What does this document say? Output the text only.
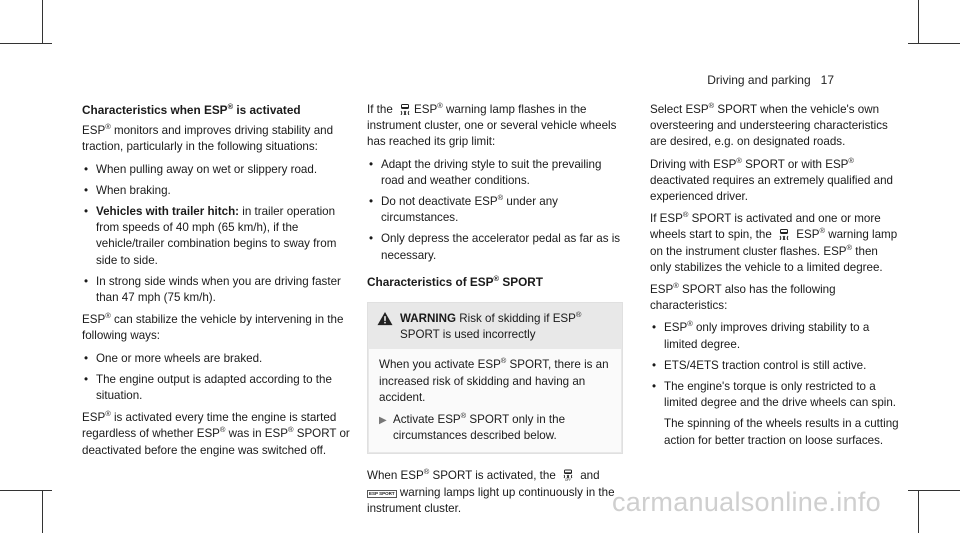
Driving and parking 17
Characteristics when ESP® is activated

ESP® monitors and improves driving stability and traction, particularly in the following situations:

• When pulling away on wet or slippery road.
• When braking.
• Vehicles with trailer hitch: in trailer operation from speeds of 40 mph (65 km/h), if the vehicle/trailer combination begins to sway from side to side.
• In strong side winds when you are driving faster than 47 mph (75 km/h).

ESP® can stabilize the vehicle by intervening in the following ways:

• One or more wheels are braked.
• The engine output is adapted according to the situation.

ESP® is activated every time the engine is started regardless of whether ESP® was in ESP® SPORT or deactivated before the engine was switched off.

If the ESP® warning lamp flashes in the instrument cluster, one or several vehicle wheels has reached its grip limit:

• Adapt the driving style to suit the prevailing road and weather conditions.
• Do not deactivate ESP® under any circumstances.
• Only depress the accelerator pedal as far as is necessary.
Characteristics of ESP® SPORT
WARNING Risk of skidding if ESP® SPORT is used incorrectly
When you activate ESP® SPORT, there is an increased risk of skidding and having an accident.
▶ Activate ESP® SPORT only in the circumstances described below.

When ESP® SPORT is activated, the	OFF and
ESP SPORT warning lamps light up continuously in the instrument cluster.

Select ESP® SPORT when the vehicle's own oversteering and understeering characteristics are desired, e.g. on designated roads.

Driving with ESP® SPORT or with ESP® deactivated requires an extremely qualified and experienced driver.

If ESP® SPORT is activated and one or more wheels start to spin, the  ESP® warning lamp on the instrument cluster flashes. ESP® then only stabilizes the vehicle to a limited degree.

ESP® SPORT also has the following characteristics:

• ESP® only improves driving stability to a limited degree.
• ETS/4ETS traction control is still active.
• The engine's torque is only restricted to a limited degree and the drive wheels can spin.
The spinning of the wheels results in a cutting action for better traction on loose surfaces.
carmanualsonline.info
